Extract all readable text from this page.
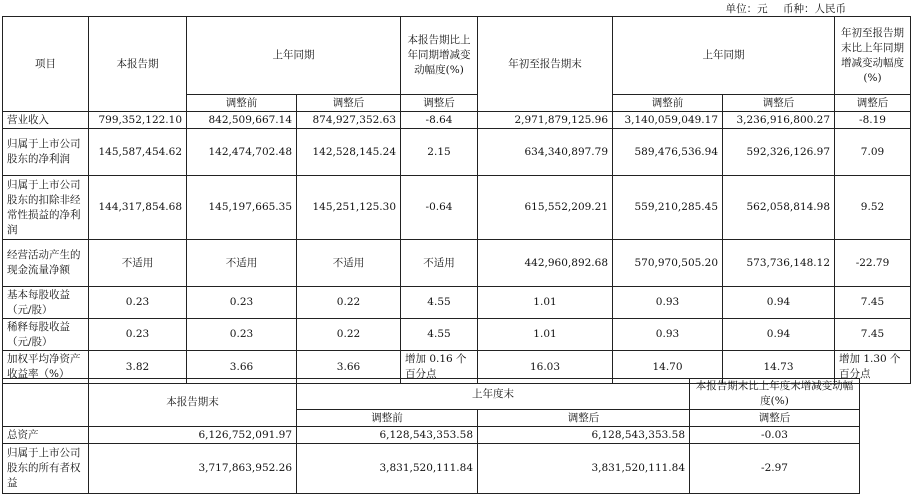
单位：元 币种：人民币
项目	本报告期	上年同期		本报告期比上年同期增减变动幅度(%)	年初至报告期末	上年同期		年初至报告期末比上年同期增减变动幅度(%)
		调整前	调整后	调整后		调整前	调整后	调整后
营业收入	799,352,122.10	842,509,667.14	874,927,352.63	-8.64	2,971,879,125.96	3,140,059,049.17	3,236,916,800.27	-8.19
归属于上市公司股东的净利润	145,587,454.62	142,474,702.48	142,528,145.24	2.15	634,340,897.79	589,476,536.94	592,326,126.97	7.09
归属于上市公司股东的扣除非经常性损益的净利润	144,317,854.68	145,197,665.35	145,251,125.30	-0.64	615,552,209.21	559,210,285.45	562,058,814.98	9.52
经营活动产生的现金流量净额	不适用	不适用	不适用	不适用	442,960,892.68	570,970,505.20	573,736,148.12	-22.79
基本每股收益（元/股）	0.23	0.23	0.22	4.55	1.01	0.93	0.94	7.45
稀释每股收益（元/股）	0.23	0.23	0.22	4.55	1.01	0.93	0.94	7.45
加权平均净资产收益率（%）	3.82	3.66	3.66	增加 0.16 个百分点	16.03	14.70	14.73	增加 1.30 个百分点
	本报告期末	上年度末		本报告期末比上年度末增减变动幅度(%)
		调整前	调整后	调整后
总资产	6,126,752,091.97	6,128,543,353.58	6,128,543,353.58	-0.03
归属于上市公司股东的所有者权益	3,717,863,952.26	3,831,520,111.84	3,831,520,111.84	-2.97
